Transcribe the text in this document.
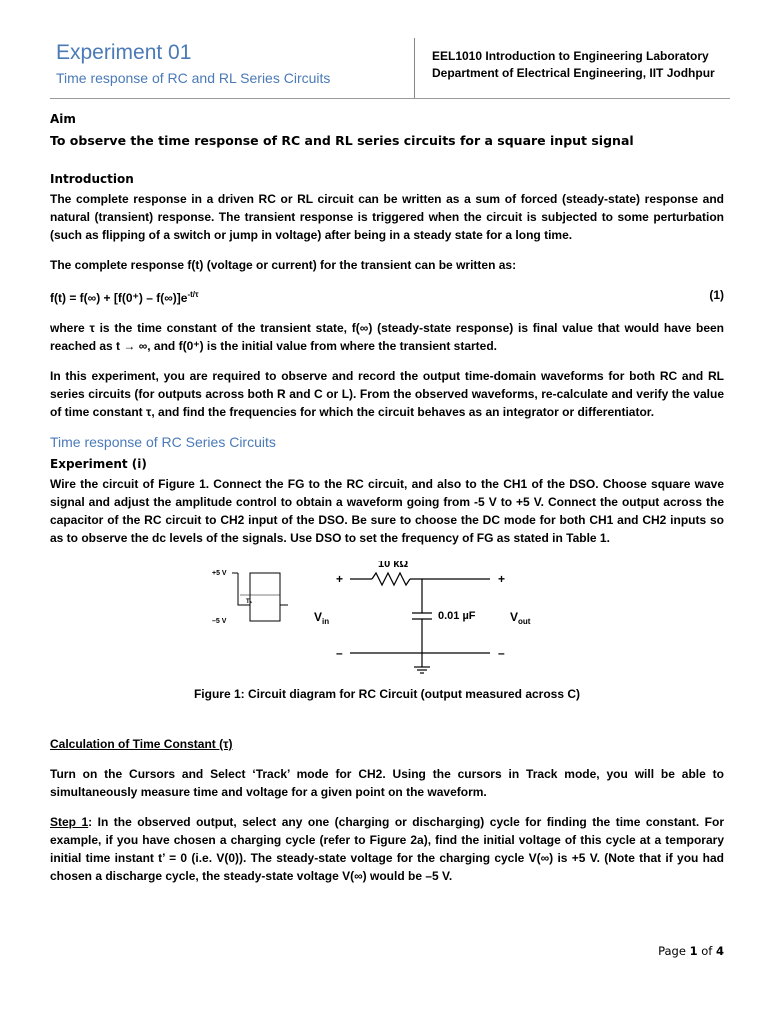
Experiment 01
Time response of RC and RL Series Circuits
EEL1010 Introduction to Engineering Laboratory
Department of Electrical Engineering, IIT Jodhpur
Aim

To observe the time response of RC and RL series circuits for a square input signal

Introduction

The complete response in a driven RC or RL circuit can be written as a sum of forced (steady-state) response and natural (transient) response. The transient response is triggered when the circuit is subjected to some perturbation (such as flipping of a switch or jump in voltage) after being in a steady state for a long time.

The complete response f(t) (voltage or current) for the transient can be written as:

$f(t) = f(\infty) + [f(0^+) - f(\infty)]e^{-t/\tau}$	(1)

where τ is the time constant of the transient state, f(∞) (steady-state response) is final value that would have been reached as t → ∞, and f(0⁺) is the initial value from where the transient started.

In this experiment, you are required to observe and record the output time-domain waveforms for both RC and RL series circuits (for outputs across both R and C or L). From the observed waveforms, re-calculate and verify the value of time constant τ, and find the frequencies for which the circuit behaves as an integrator or differentiator.

Time response of RC Series Circuits
Experiment (i)

Wire the circuit of Figure 1. Connect the FG to the RC circuit, and also to the CH1 of the DSO. Choose square wave signal and adjust the amplitude control to obtain a waveform going from -5 V to +5 V. Connect the output across the capacitor of the RC circuit to CH2 input of the DSO. Be sure to choose the DC mode for both CH1 and CH2 inputs so as to observe the dc levels of the signals. Use DSO to set the frequency of FG as stated in Table 1.

+5 V
–5 V
Tₛ
10 kΩ
0.01 µF
+
–
+
–
$V_{in}$	$V_{out}$
Figure 1: Circuit diagram for RC Circuit (output measured across C)
Calculation of Time Constant (τ)

Turn on the Cursors and Select ‘Track’ mode for CH2. Using the cursors in Track mode, you will be able to simultaneously measure time and voltage for a given point on the waveform.

Step 1: In the observed output, select any one (charging or discharging) cycle for finding the time constant. For example, if you have chosen a charging cycle (refer to Figure 2a), find the initial voltage of this cycle at a temporary initial time instant t’ = 0 (i.e. V(0)). The steady-state voltage for the charging cycle V(∞) is +5 V. (Note that if you had chosen a discharge cycle, the steady-state voltage V(∞) would be –5 V.

Page 1 of 4
